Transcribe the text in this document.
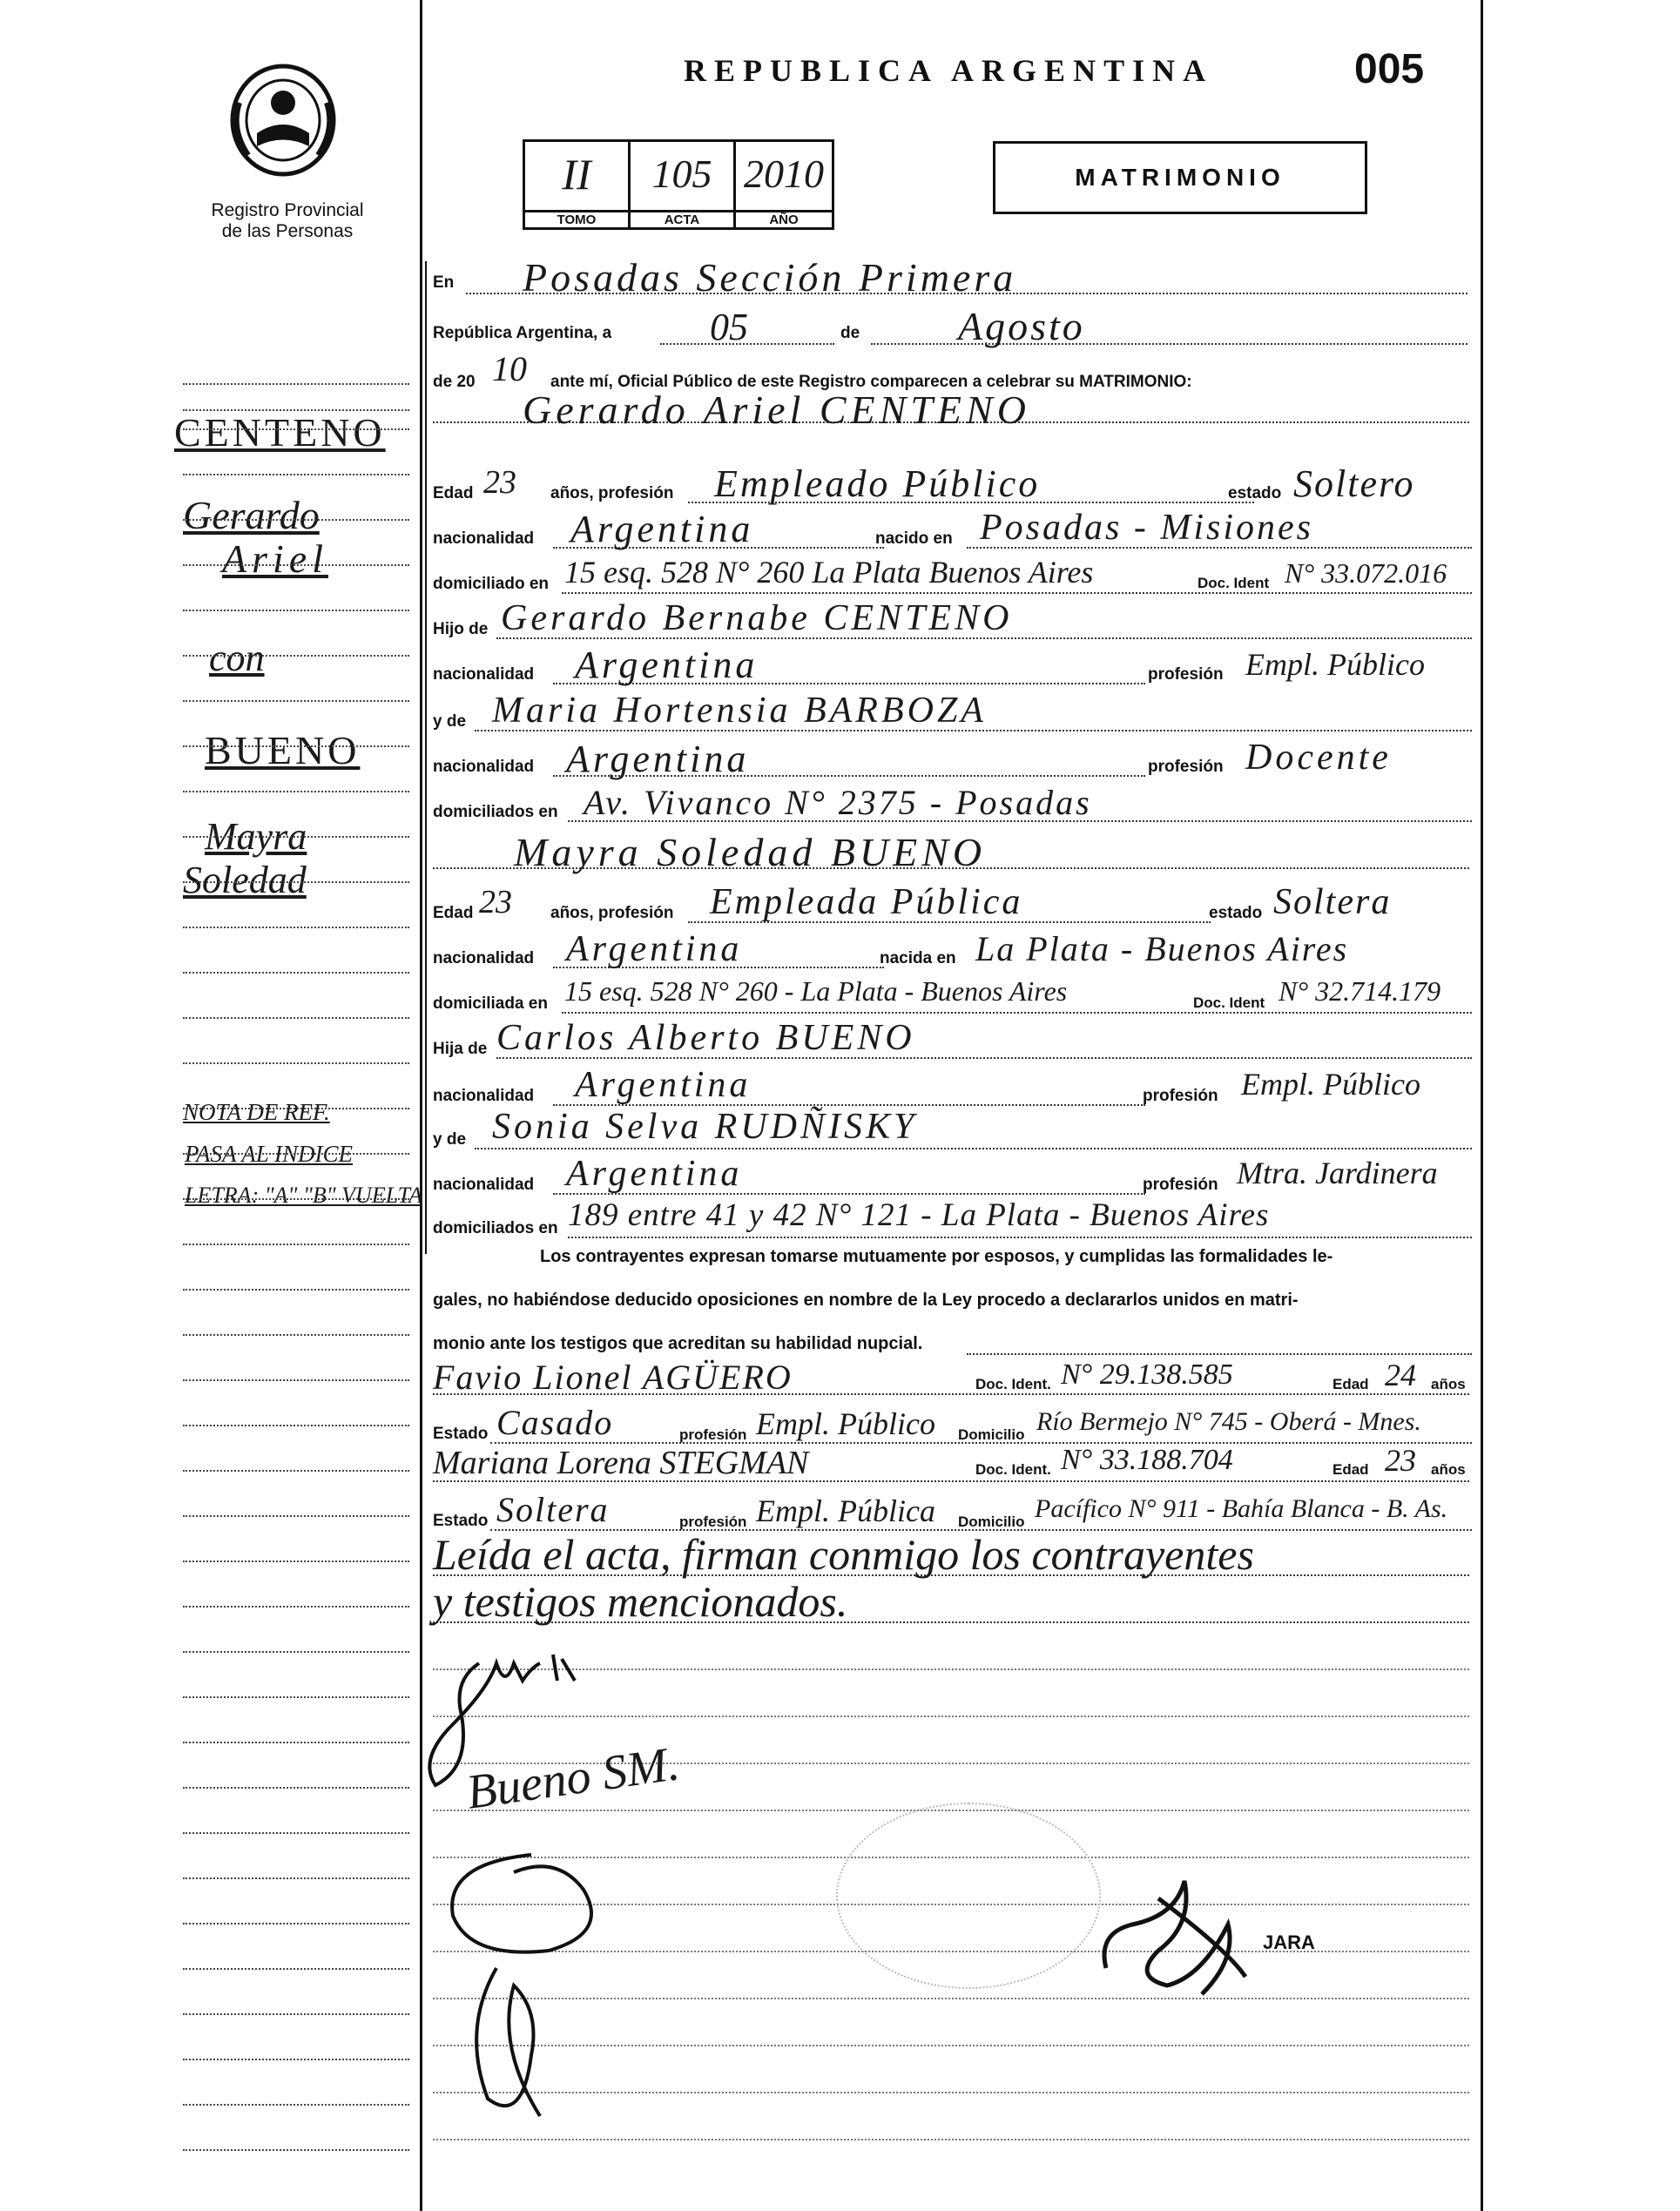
Registro Provincial
de las Personas
REPUBLICA ARGENTINA	005
II
TOMO
105
ACTA
2010
AÑO
MATRIMONIO
CENTENO
Gerardo
Ariel
con
BUENO
Mayra
Soledad
NOTA DE REF.
PASA AL INDICE
LETRA: "A" "B" VUELTA
En Posadas Sección Primera
República Argentina, a	05	de Agosto
de 20 10 ante mí, Oficial Público de este Registro comparecen a celebrar su MATRIMONIO:
Gerardo Ariel CENTENO
Edad 23 años, profesión Empleado Público	estado Soltero
nacionalidad Argentina	nacido en Posadas - Misiones
domiciliado en 15 esq. 528 N° 260 La Plata Buenos Aires	Doc. Ident N° 33.072.016
Hijo de Gerardo Bernabe CENTENO
nacionalidad Argentina	profesión Empl. Público
y de Maria Hortensia BARBOZA
nacionalidad Argentina	profesión Docente
domiciliados en Av. Vivanco N° 2375 - Posadas
Mayra Soledad BUENO
Edad 23 años, profesión Empleada Pública	estado Soltera
nacionalidad Argentina	nacida en La Plata - Buenos Aires
domiciliada en 15 esq. 528 N° 260 - La Plata - Buenos Aires	Doc. Ident N° 32.714.179
Hija de Carlos Alberto BUENO
nacionalidad Argentina	profesión Empl. Público
y de Sonia Selva RUDÑISKY
nacionalidad Argentina	profesión Mtra. Jardinera
domiciliados en 189 entre 41 y 42 N° 121 - La Plata - Buenos Aires
Los contrayentes expresan tomarse mutuamente por esposos, y cumplidas las formalidades le-
gales, no habiéndose deducido oposiciones en nombre de la Ley procedo a declararlos unidos en matri-
monio ante los testigos que acreditan su habilidad nupcial.
Favio Lionel AGÜERO	Doc. Ident. N° 29.138.585	Edad 24 años
Estado Casado	profesión Empl. Público Domicilio Río Bermejo N° 745 - Oberá - Mnes.
Mariana Lorena STEGMAN	Doc. Ident. N° 33.188.704	Edad 23 años
Estado Soltera	profesión Empl. Pública Domicilio Pacífico N° 911 - Bahía Blanca - B. As.
Leída el acta, firman conmigo los contrayentes
y testigos mencionados.
Bueno SM.
JARA
